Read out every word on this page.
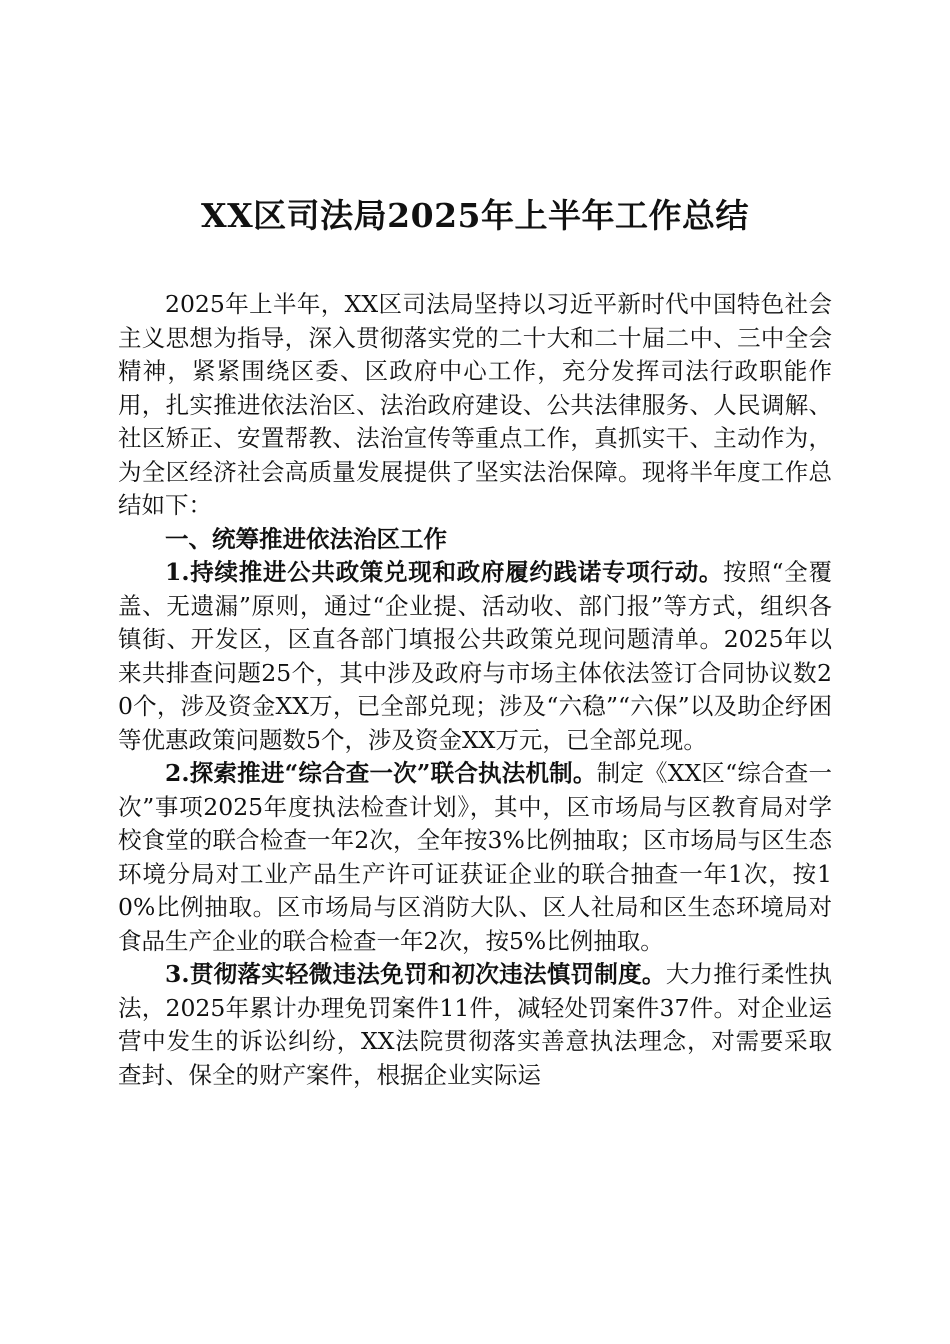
XX区司法局2025年上半年工作总结

2025年上半年，XX区司法局坚持以习近平新时代中国特色社会主义思想为指导，深入贯彻落实党的二十大和二十届二中、三中全会精神，紧紧围绕区委、区政府中心工作，充分发挥司法行政职能作用，扎实推进依法治区、法治政府建设、公共法律服务、人民调解、社区矫正、安置帮教、法治宣传等重点工作，真抓实干、主动作为，为全区经济社会高质量发展提供了坚实法治保障。现将半年度工作总结如下：

一、统筹推进依法治区工作

1.持续推进公共政策兑现和政府履约践诺专项行动。按照“全覆盖、无遗漏”原则，通过“企业提、活动收、部门报”等方式，组织各镇街、开发区，区直各部门填报公共政策兑现问题清单。2025年以来共排查问题25个，其中涉及政府与市场主体依法签订合同协议数20个，涉及资金XX万，已全部兑现；涉及“六稳”“六保”以及助企纾困等优惠政策问题数5个，涉及资金XX万元，已全部兑现。

2.探索推进“综合查一次”联合执法机制。制定《XX区“综合查一次”事项2025年度执法检查计划》，其中，区市场局与区教育局对学校食堂的联合检查一年2次，全年按3%比例抽取；区市场局与区生态环境分局对工业产品生产许可证获证企业的联合抽查一年1次，按10%比例抽取。区市场局与区消防大队、区人社局和区生态环境局对食品生产企业的联合检查一年2次，按5%比例抽取。

3.贯彻落实轻微违法免罚和初次违法慎罚制度。大力推行柔性执法，2025年累计办理免罚案件11件，减轻处罚案件37件。对企业运营中发生的诉讼纠纷，XX法院贯彻落实善意执法理念，对需要采取查封、保全的财产案件，根据企业实际运
